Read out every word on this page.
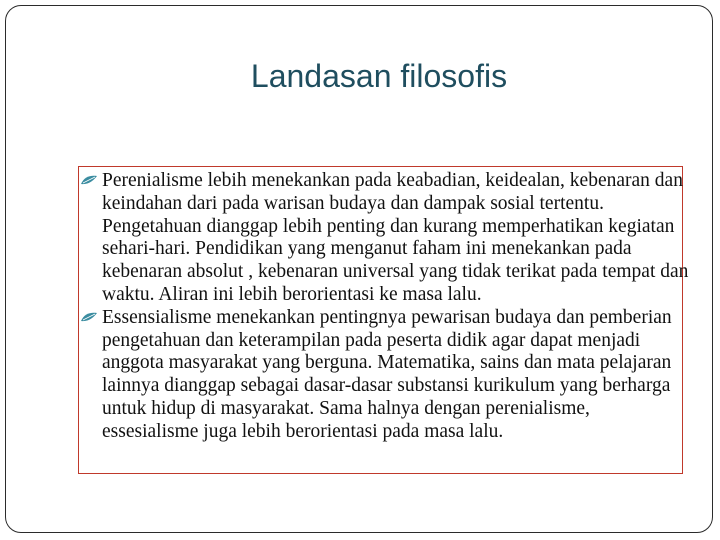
Landasan filosofis
Perenialisme lebih menekankan pada keabadian, keidealan, kebenaran dan keindahan dari pada warisan budaya dan dampak sosial tertentu. Pengetahuan dianggap lebih penting dan kurang memperhatikan kegiatan sehari-hari. Pendidikan yang menganut faham ini menekankan pada kebenaran absolut , kebenaran universal yang tidak terikat pada tempat dan waktu. Aliran ini lebih berorientasi ke masa lalu.
Essensialisme menekankan pentingnya pewarisan budaya dan pemberian pengetahuan dan keterampilan pada peserta didik agar dapat menjadi anggota masyarakat yang berguna. Matematika, sains dan mata pelajaran lainnya dianggap sebagai dasar-dasar substansi kurikulum yang berharga untuk hidup di masyarakat. Sama halnya dengan perenialisme, essesialisme juga lebih berorientasi pada masa lalu.
